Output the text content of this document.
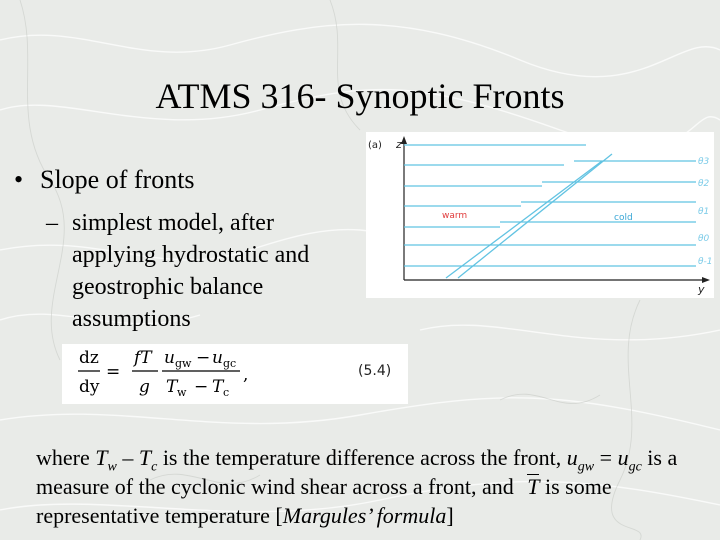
ATMS 316- Synoptic Fronts
• Slope of fronts
– simplest model, after
applying hydrostatic and
geostrophic balance
assumptions
dz
dy
=
fT
g
u gw − u gc
T w − T c
,	(5.4)
(a) z
y
warm	cold
θ3
θ2
θ1
θ0
θ-1
where $T_w - T_c$ is the temperature difference across the front, $u_{gw} = u_{gc}$ is a measure of the cyclonic wind shear across a front, and T is some representative temperature [Margules’ formula]
